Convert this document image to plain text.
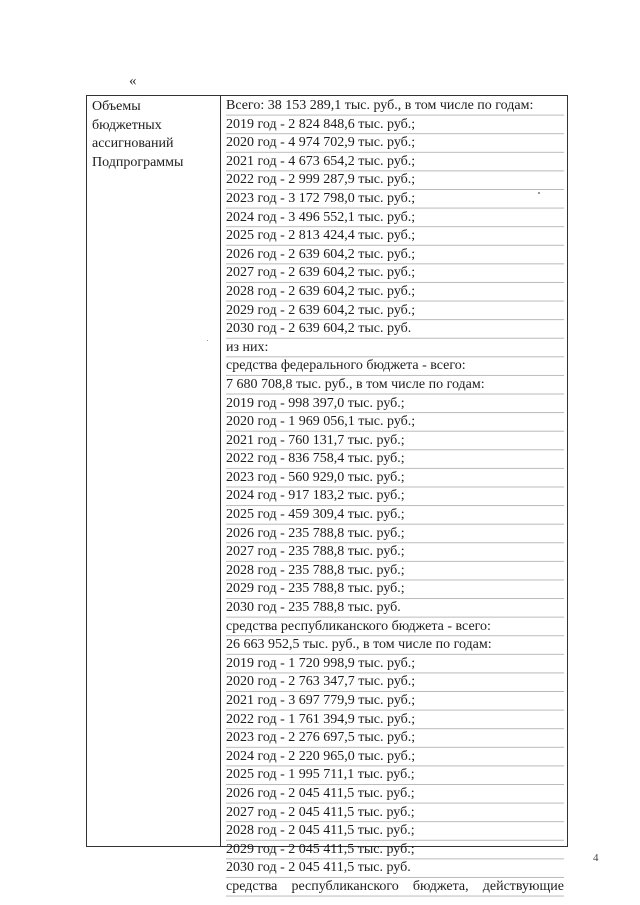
«
Объемы
бюджетных
ассигнований
Подпрограммы
Всего: 38 153 289,1 тыс. руб., в том числе по годам:
2019 год - 2 824 848,6 тыс. руб.;
2020 год - 4 974 702,9 тыс. руб.;
2021 год - 4 673 654,2 тыс. руб.;
2022 год - 2 999 287,9 тыс. руб.;
2023 год - 3 172 798,0 тыс. руб.;
2024 год - 3 496 552,1 тыс. руб.;
2025 год - 2 813 424,4 тыс. руб.;
2026 год - 2 639 604,2 тыс. руб.;
2027 год - 2 639 604,2 тыс. руб.;
2028 год - 2 639 604,2 тыс. руб.;
2029 год - 2 639 604,2 тыс. руб.;
2030 год - 2 639 604,2 тыс. руб.
из них:
средства федерального бюджета - всего:
7 680 708,8 тыс. руб., в том числе по годам:
2019 год - 998 397,0 тыс. руб.;
2020 год - 1 969 056,1 тыс. руб.;
2021 год - 760 131,7 тыс. руб.;
2022 год - 836 758,4 тыс. руб.;
2023 год - 560 929,0 тыс. руб.;
2024 год - 917 183,2 тыс. руб.;
2025 год - 459 309,4 тыс. руб.;
2026 год - 235 788,8 тыс. руб.;
2027 год - 235 788,8 тыс. руб.;
2028 год - 235 788,8 тыс. руб.;
2029 год - 235 788,8 тыс. руб.;
2030 год - 235 788,8 тыс. руб.
средства республиканского бюджета - всего:
26 663 952,5 тыс. руб., в том числе по годам:
2019 год - 1 720 998,9 тыс. руб.;
2020 год - 2 763 347,7 тыс. руб.;
2021 год - 3 697 779,9 тыс. руб.;
2022 год - 1 761 394,9 тыс. руб.;
2023 год - 2 276 697,5 тыс. руб.;
2024 год - 2 220 965,0 тыс. руб.;
2025 год - 1 995 711,1 тыс. руб.;
2026 год - 2 045 411,5 тыс. руб.;
2027 год - 2 045 411,5 тыс. руб.;
2028 год - 2 045 411,5 тыс. руб.;
2029 год - 2 045 411,5 тыс. руб.;
2030 год - 2 045 411,5 тыс. руб.
средства республиканского бюджета, действующие
4
